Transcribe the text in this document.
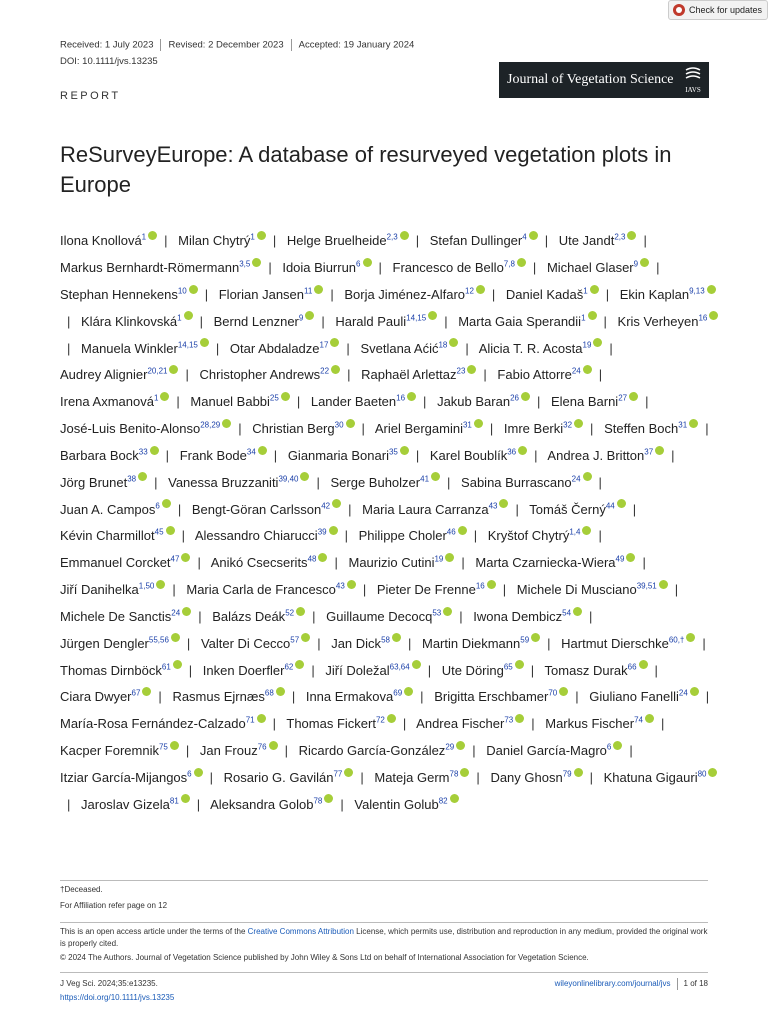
Check for updates
Received: 1 July 2023 Revised: 2 December 2023 Accepted: 19 January 2024
DOI: 10.1111/jvs.13235
Journal of Vegetation Science
IAVS
REPORT
ReSurveyEurope: A database of resurveyed vegetation plots in Europe
Ilona Knollová$^1$ | Milan Chytrý$^1$ | Helge Bruelheide$^{2,3}$ | Stefan Dullinger$^4$ | Ute Jandt$^{2,3}$ | Markus Bernhardt-Römermann$^{3,5}$ | Idoia Biurrun$^6$ | Francesco de Bello$^{7,8}$ | Michael Glaser$^9$ | Stephan Hennekens$^{10}$ | Florian Jansen$^{11}$ | Borja Jiménez-Alfaro$^{12}$ | Daniel Kadaš$^1$ | Ekin Kaplan$^{9,13}$| Klára Klinkovská$^1$ | Bernd Lenzner$^9$ | Harald Pauli$^{14,15}$ | Marta Gaia Sperandii$^1$ | Kris Verheyen$^{16}$| Manuela Winkler$^{14,15}$ | Otar Abdaladze$^{17}$ | Svetlana Aćić$^{18}$ | Alicia T. R. Acosta$^{19}$ | Audrey Alignier$^{20,21}$ | Christopher Andrews$^{22}$ | Raphaël Arlettaz$^{23}$ | Fabio Attorre$^{24}$ | Irena Axmanová$^1$ | Manuel Babbi$^{25}$ | Lander Baeten$^{16}$ | Jakub Baran$^{26}$ | Elena Barni$^{27}$ | José-Luis Benito-Alonso$^{28,29}$ | Christian Berg$^{30}$ | Ariel Bergamini$^{31}$ | Imre Berki$^{32}$ | Steffen Boch$^{31}$ | Barbara Bock$^{33}$ | Frank Bode$^{34}$ | Gianmaria Bonari$^{35}$ | Karel Boublík$^{36}$ | Andrea J. Britton$^{37}$ | Jörg Brunet$^{38}$ | Vanessa Bruzzaniti$^{39,40}$ | Serge Buholzer$^{41}$ | Sabina Burrascano$^{24}$ | Juan A. Campos$^6$ | Bengt-Göran Carlsson$^{42}$ | Maria Laura Carranza$^{43}$ | Tomáš Černý$^{44}$ | Kévin Charmillot$^{45}$ | Alessandro Chiarucci$^{39}$ | Philippe Choler$^{46}$ | Kryštof Chytrý$^{1,4}$ | Emmanuel Corcket$^{47}$ | Anikó Csecserits$^{48}$ | Maurizio Cutini$^{19}$ | Marta Czarniecka-Wiera$^{49}$ | Jiří Danihelka$^{1,50}$ | Maria Carla de Francesco$^{43}$ | Pieter De Frenne$^{16}$ | Michele Di Musciano$^{39,51}$ | Michele De Sanctis$^{24}$ | Balázs Deák$^{52}$ | Guillaume Decocq$^{53}$ | Iwona Dembicz$^{54}$ | Jürgen Dengler$^{55,56}$ | Valter Di Cecco$^{57}$ | Jan Dick$^{58}$ | Martin Diekmann$^{59}$ | Hartmut Dierschke$^{60,\dagger}$ | Thomas Dirnböck$^{61}$ | Inken Doerfler$^{62}$ | Jiří Doležal$^{63,64}$ | Ute Döring$^{65}$ | Tomasz Durak$^{66}$ | Ciara Dwyer$^{67}$ | Rasmus Ejrnæs$^{68}$ | Inna Ermakova$^{69}$ | Brigitta Erschbamer$^{70}$ | Giuliano Fanelli$^{24}$ | María-Rosa Fernández-Calzado$^{71}$ | Thomas Fickert$^{72}$ | Andrea Fischer$^{73}$ | Markus Fischer$^{74}$ | Kacper Foremnik$^{75}$ | Jan Frouz$^{76}$ | Ricardo García-González$^{29}$ | Daniel García-Magro$^6$ | Itziar García-Mijangos$^6$ | Rosario G. Gavilán$^{77}$ | Mateja Germ$^{78}$ | Dany Ghosn$^{79}$ | Khatuna Gigauri$^{80}$| Jaroslav Gizela$^{81}$ | Aleksandra Golob$^{78}$ | Valentin Golub$^{82}$
†Deceased.
For Affiliation refer page on 12
This is an open access article under the terms of the Creative Commons Attribution License, which permits use, distribution and reproduction in any medium, provided the original work is properly cited.
© 2024 The Authors. Journal of Vegetation Science published by John Wiley & Sons Ltd on behalf of International Association for Vegetation Science.
J Veg Sci. 2024;35:e13235.
https://doi.org/10.1111/jvs.13235
wileyonlinelibrary.com/journal/jvs 1 of 18
